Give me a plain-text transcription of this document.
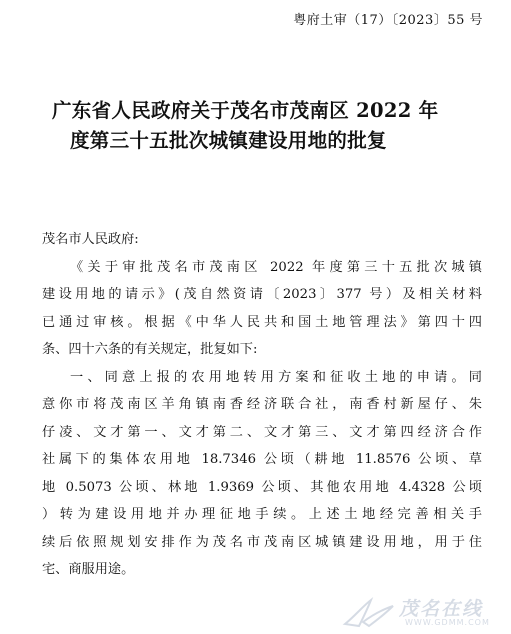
粤府土审（17）〔2023〕55 号
广东省人民政府关于茂名市茂南区 2022 年
度第三十五批次城镇建设用地的批复
茂名市人民政府:
《关于审批茂名市茂南区 2022 年度第三十五批次城镇
建设用地的请示》(茂自然资请〔2023〕377 号）及相关材料
已通过审核。根据《中华人民共和国土地管理法》第四十四
条、四十六条的有关规定，批复如下:
一、同意上报的农用地转用方案和征收土地的申请。同
意你市将茂南区羊角镇南香经济联合社，南香村新屋仔、朱
仔凌、文才第一、文才第二、文才第三、文才第四经济合作
社属下的集体农用地 18.7346 公顷（耕地 11.8576 公顷、草
地 0.5073 公顷、林地 1.9369 公顷、其他农用地 4.4328 公顷
）转为建设用地并办理征地手续。上述土地经完善相关手
续后依照规划安排作为茂名市茂南区城镇建设用地，用于住
宅、商服用途。
茂名在线
WWW.GDMM.COM
